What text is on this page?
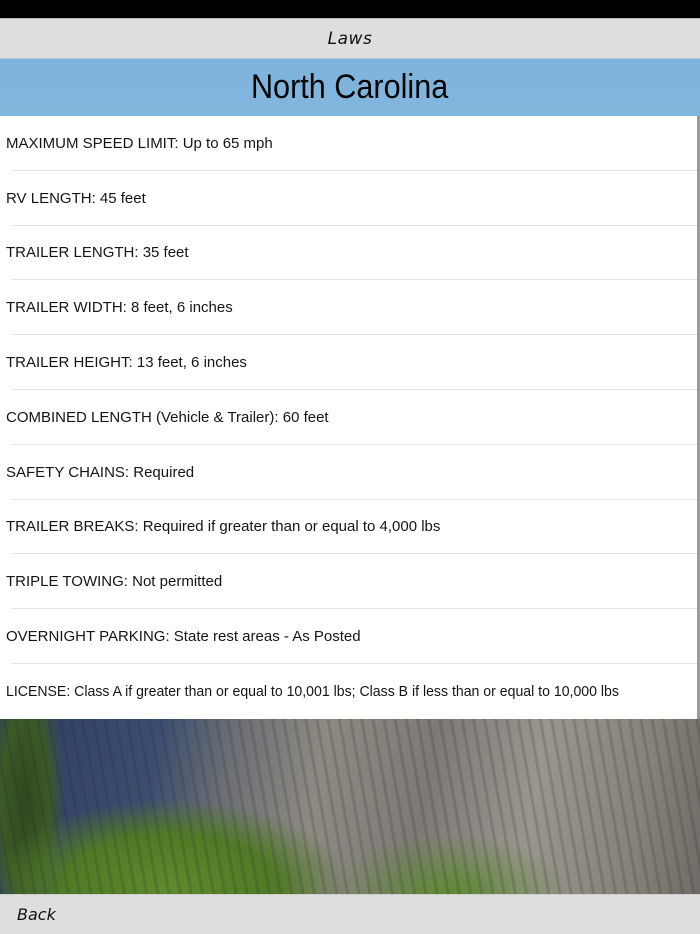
Laws
North Carolina
MAXIMUM SPEED LIMIT: Up to 65 mph
RV LENGTH: 45 feet
TRAILER LENGTH: 35 feet
TRAILER WIDTH: 8 feet, 6 inches
TRAILER HEIGHT: 13 feet, 6 inches
COMBINED LENGTH (Vehicle & Trailer): 60 feet
SAFETY CHAINS: Required
TRAILER BREAKS: Required if greater than or equal to 4,000 lbs
TRIPLE TOWING: Not permitted
OVERNIGHT PARKING: State rest areas - As Posted
LICENSE: Class A if greater than or equal to 10,001 lbs; Class B if less than or equal to 10,000 lbs
Back
